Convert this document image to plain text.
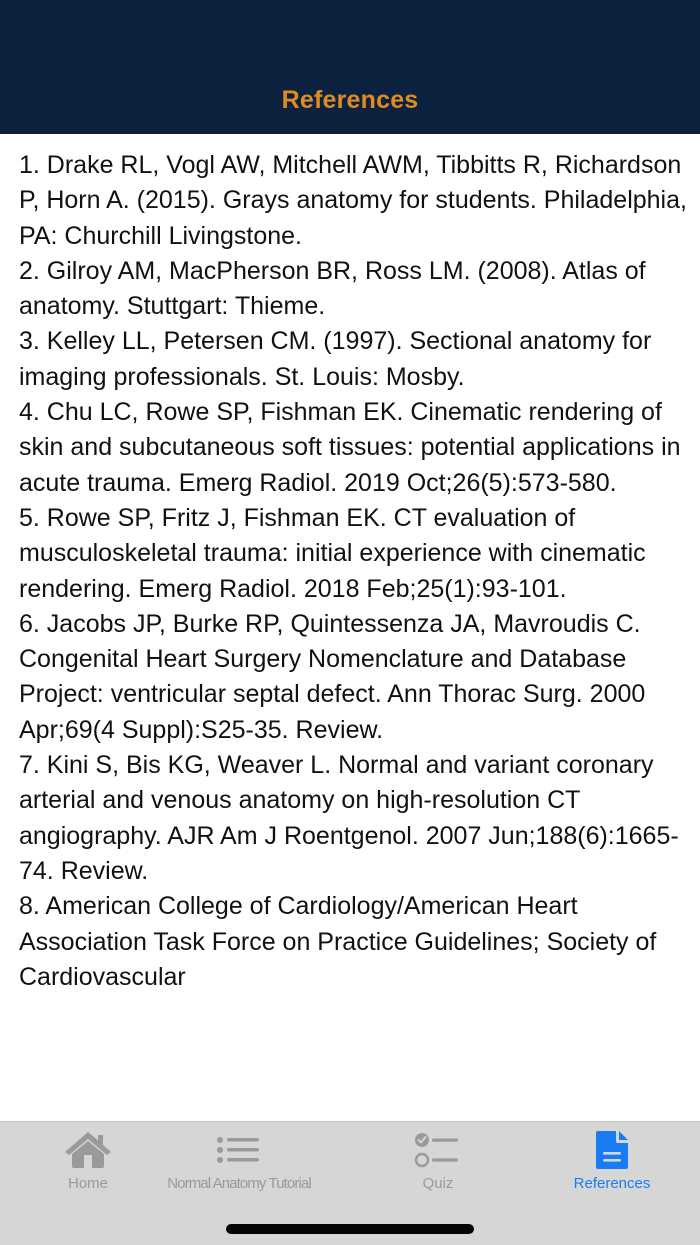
References
1. Drake RL, Vogl AW, Mitchell AWM, Tibbitts R, Richardson P, Horn A. (2015). Grays anatomy for students. Philadelphia, PA: Churchill Livingstone.
2. Gilroy AM, MacPherson BR, Ross LM. (2008). Atlas of anatomy. Stuttgart: Thieme.
3. Kelley LL, Petersen CM. (1997). Sectional anatomy for imaging professionals. St. Louis: Mosby.
4. Chu LC, Rowe SP, Fishman EK. Cinematic rendering of skin and subcutaneous soft tissues: potential applications in acute trauma. Emerg Radiol. 2019 Oct;26(5):573-580.
5. Rowe SP, Fritz J, Fishman EK. CT evaluation of musculoskeletal trauma: initial experience with cinematic rendering. Emerg Radiol. 2018 Feb;25(1):93-101.
6. Jacobs JP, Burke RP, Quintessenza JA, Mavroudis C. Congenital Heart Surgery Nomenclature and Database Project: ventricular septal defect. Ann Thorac Surg. 2000 Apr;69(4 Suppl):S25-35. Review.
7. Kini S, Bis KG, Weaver L. Normal and variant coronary arterial and venous anatomy on high-resolution CT angiography. AJR Am J Roentgenol. 2007 Jun;188(6):1665-74. Review.
8. American College of Cardiology/American Heart Association Task Force on Practice Guidelines; Society of Cardiovascular
Home	Normal Anatomy Tutorial	Quiz	References
